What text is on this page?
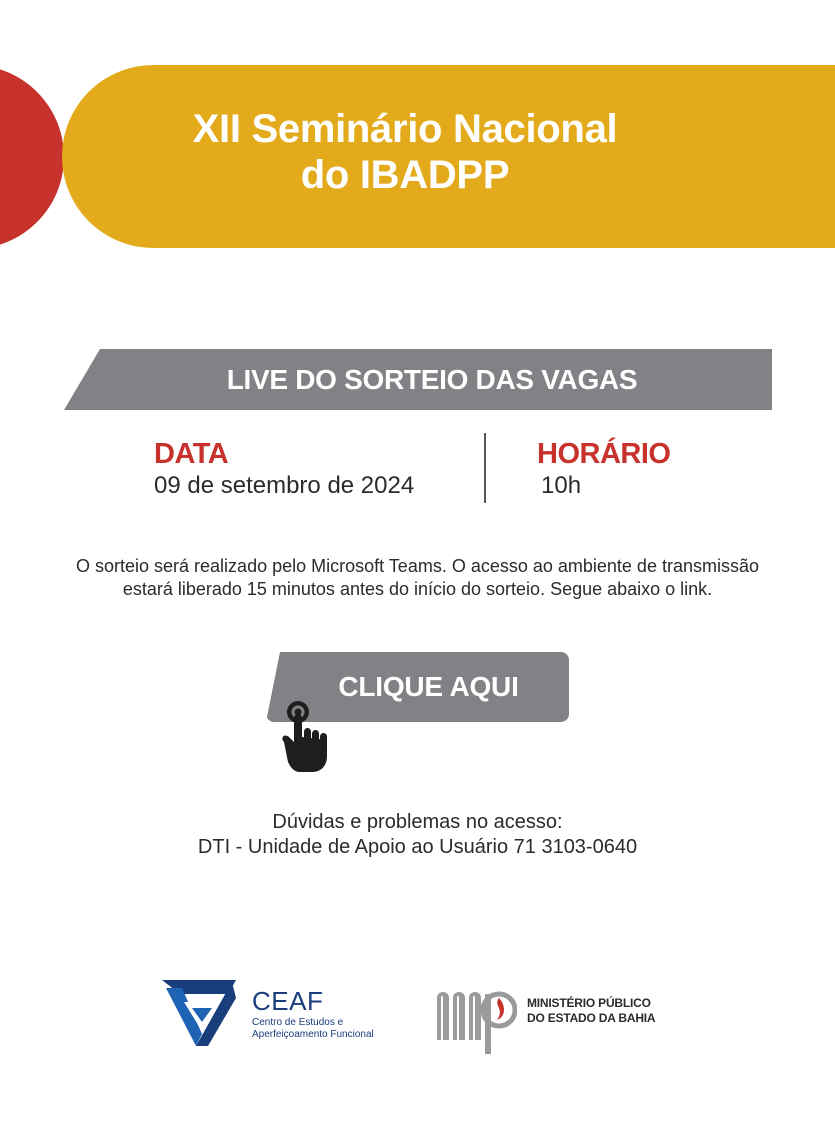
XII Seminário Nacional
do IBADPP
LIVE DO SORTEIO DAS VAGAS
DATA
09 de setembro de 2024
HORÁRIO
10h
O sorteio será realizado pelo Microsoft Teams. O acesso ao ambiente de transmissão
estará liberado 15 minutos antes do início do sorteio. Segue abaixo o link.
CLIQUE AQUI
Dúvidas e problemas no acesso:
DTI - Unidade de Apoio ao Usuário 71 3103-0640
CEAF
Centro de Estudos e
Aperfeiçoamento Funcional
MINISTÉRIO PÚBLICO
DO ESTADO DA BAHIA
